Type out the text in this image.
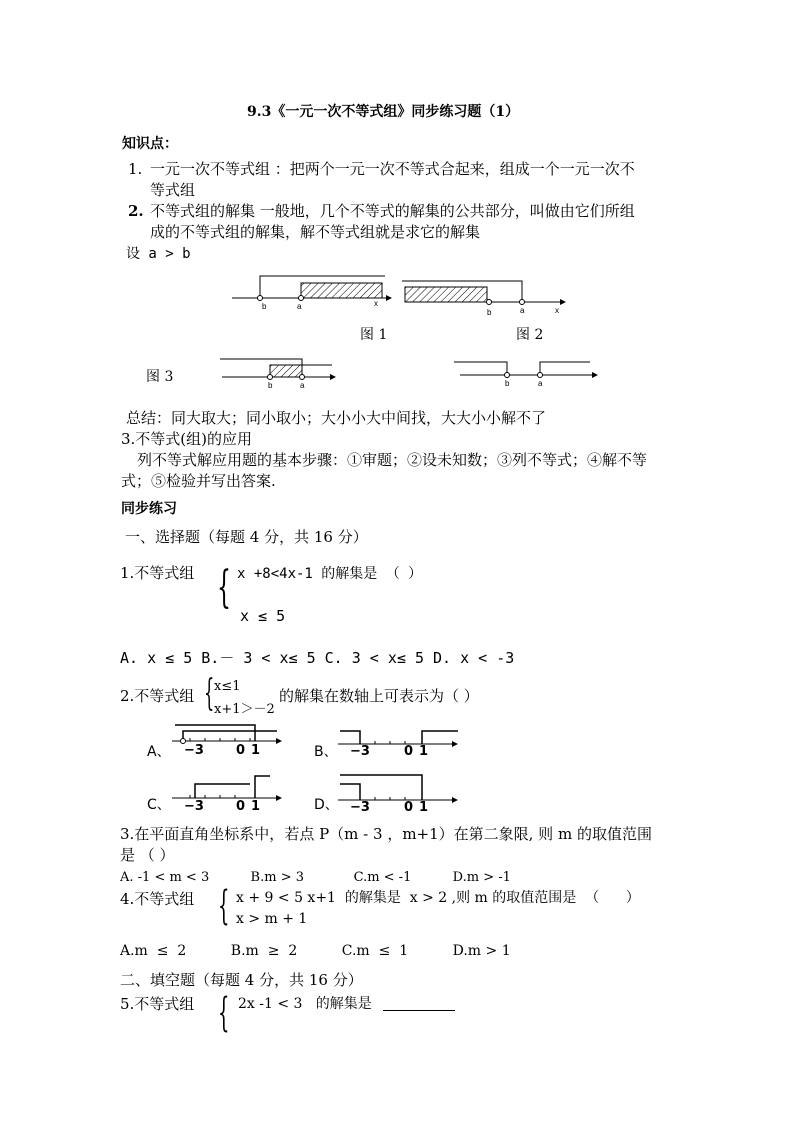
9.3《一元一次不等式组》同步练习题（1）
知识点：
1. 一元一次不等式组 ：把两个一元一次不等式合起来，组成一个一元一次不
等式组
2. 不等式组的解集 一般地，几个不等式的解集的公共部分，叫做由它们所组
成的不等式组的解集，解不等式组就是求它的解集
设 a > b
b	a	x
b	a	x
图 1	图 2
图 3
b	a	b	a
总结：同大取大；同小取小；大小小大中间找，大大小小解不了
3.不等式(组)的应用
列不等式解应用题的基本步骤：①审题；②设未知数；③列不等式；④解不等
式；⑤检验并写出答案.
同步练习
一、选择题（每题 4 分，共 16 分）
1.不等式组 { x +8<4x-1 的解集是 （ ）
x ≤ 5
A. x ≤ 5 B.－ 3 < x≤ 5 C. 3 < x≤ 5 D. x < -3
2.不等式组 { x≤1
x+1＞－2
的解集在数轴上可表示为（ ）
A、 −3 0 1	B、 −3	0 1
C、 −3 0 1	D、 −3	0 1
3.在平面直角坐标系中，若点 P（m - 3 ，m+1）在第二象限, 则 m 的取值范围
是 （ ）
A. -1 < m < 3          B.m > 3            C.m < -1          D.m > -1
4.不等式组 { x + 9 < 5 x+1  的解集是  x > 2 ,则 m 的取值范围是  （      ）
x > m + 1
A.m  ≤  2          B.m  ≥  2          C.m  ≤  1          D.m > 1
二、填空题（每题 4 分，共 16 分）
5.不等式组 { 2x -1 < 3   的解集是
